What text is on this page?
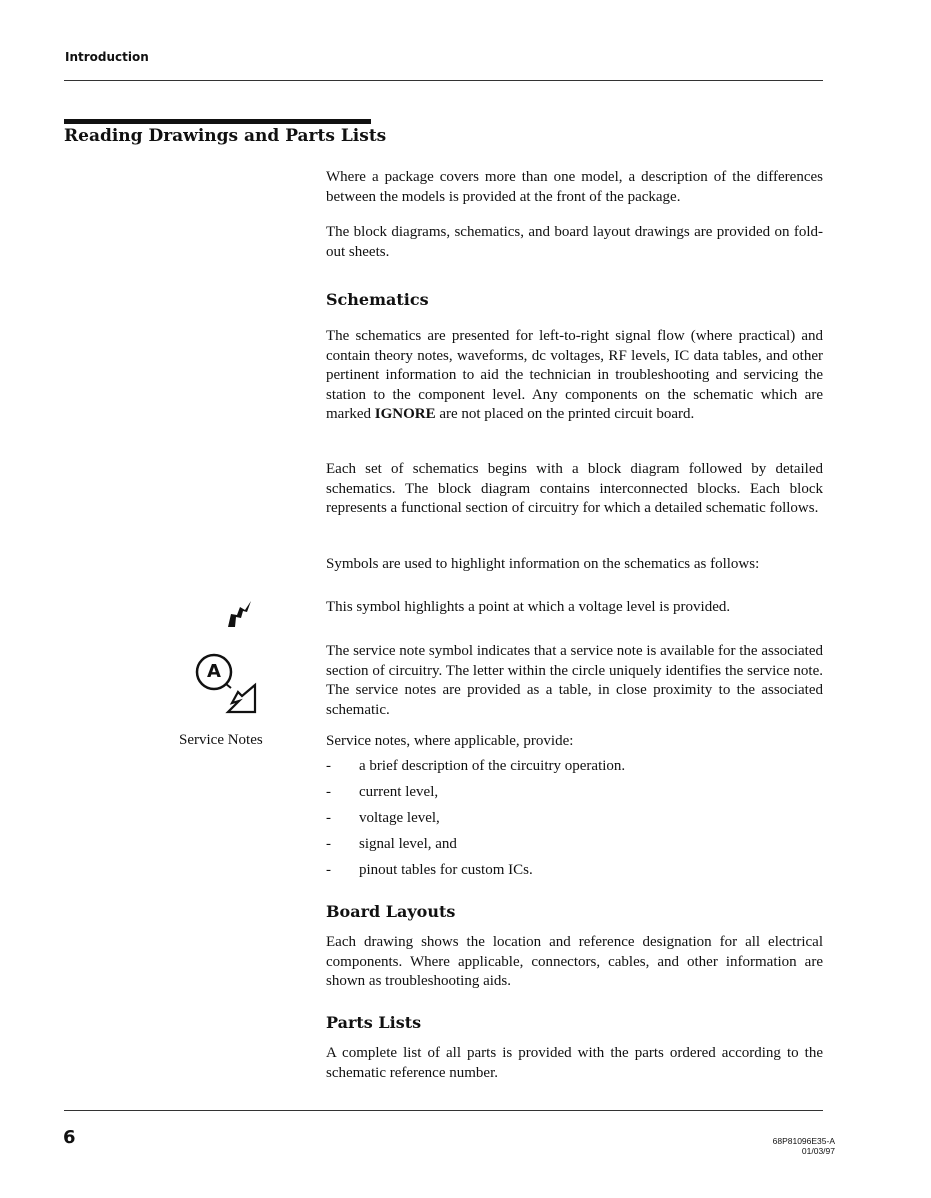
Introduction
Reading Drawings and Parts Lists

Where a package covers more than one model, a description of the differences between the models is provided at the front of the package.

The block diagrams, schematics, and board layout drawings are provided on fold-out sheets.

Schematics

The schematics are presented for left-to-right signal flow (where practical) and contain theory notes, waveforms, dc voltages, RF levels, IC data tables, and other pertinent information to aid the technician in troubleshooting and servicing the station to the component level. Any components on the schematic which are marked IGNORE are not placed on the printed circuit board.

Each set of schematics begins with a block diagram followed by detailed schematics. The block diagram contains interconnected blocks. Each block represents a functional section of circuitry for which a detailed schematic follows.

Symbols are used to highlight information on the schematics as follows:

This symbol highlights a point at which a voltage level is provided.

A

The service note symbol indicates that a service note is available for the associated section of circuitry. The letter within the circle uniquely identifies the service note. The service notes are provided as a table, in close proximity to the associated schematic.

Service Notes	Service notes, where applicable, provide:

- a brief description of the circuitry operation.
- current level,
- voltage level,
- signal level, and
- pinout tables for custom ICs.
Board Layouts

Each drawing shows the location and reference designation for all electrical components. Where applicable, connectors, cables, and other information are shown as troubleshooting aids.

Parts Lists

A complete list of all parts is provided with the parts ordered according to the schematic reference number.

6	68P81096E35-A
01/03/97
